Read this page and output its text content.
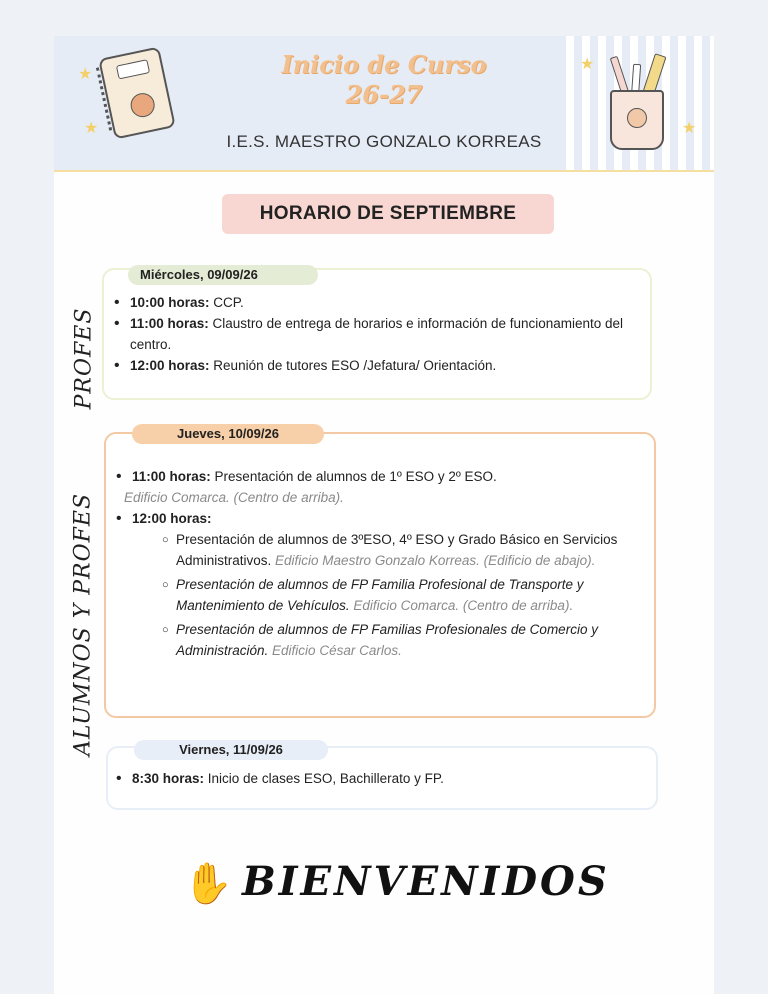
★
★
Inicio de Curso
26-27
I.E.S. MAESTRO GONZALO KORREAS
★
★
HORARIO DE SEPTIEMBRE
PROFES
ALUMNOS Y PROFES
Miércoles, 09/09/26
• 10:00 horas: CCP.
• 11:00 horas: Claustro de entrega de horarios e información de funcionamiento del centro.
• 12:00 horas: Reunión de tutores ESO /Jefatura/ Orientación.
Jueves, 10/09/26
• 11:00 horas: Presentación de alumnos de 1º ESO y 2º ESO.
Edificio Comarca. (Centro de arriba).
• 12:00 horas:
○ Presentación de alumnos de 3ºESO, 4º ESO y Grado Básico en Servicios Administrativos. Edificio Maestro Gonzalo Korreas. (Edificio de abajo).
○ Presentación de alumnos de FP Familia Profesional de Transporte y Mantenimiento de Vehículos. Edificio Comarca. (Centro de arriba).
○ Presentación de alumnos de FP Familias Profesionales de Comercio y Administración. Edificio César Carlos.
Viernes, 11/09/26
• 8:30 horas: Inicio de clases ESO, Bachillerato y FP.
✋ BIENVENIDOS
